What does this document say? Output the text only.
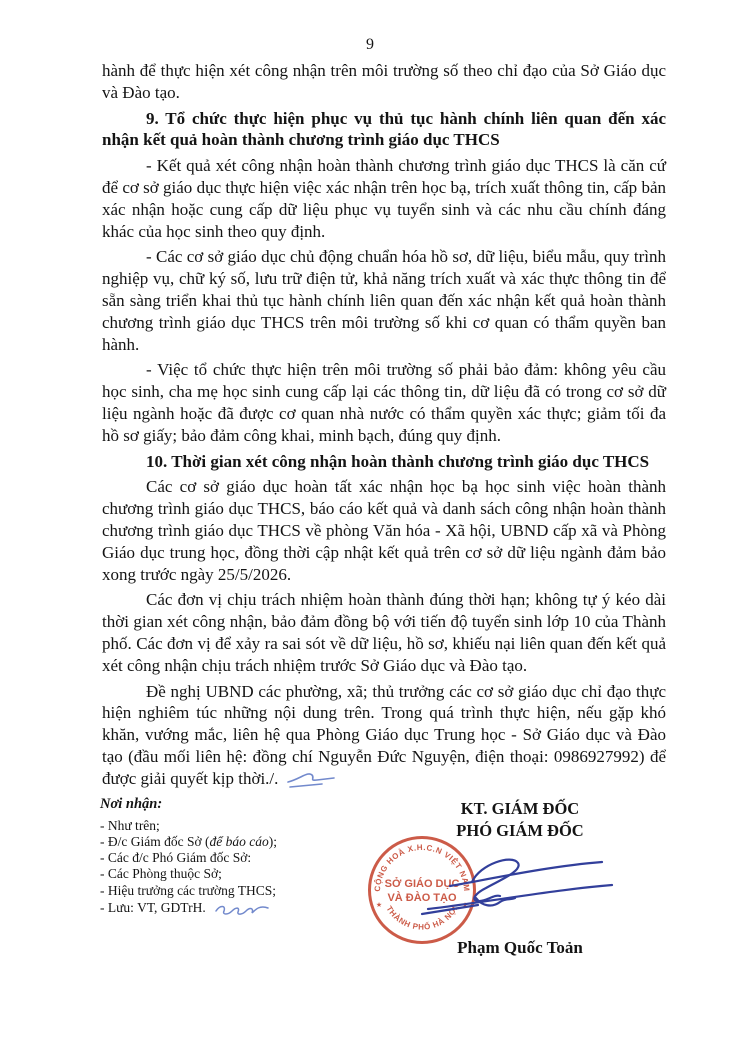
9

hành để thực hiện xét công nhận trên môi trường số theo chỉ đạo của Sở Giáo dục và Đào tạo.

9. Tổ chức thực hiện phục vụ thủ tục hành chính liên quan đến xác nhận kết quả hoàn thành chương trình giáo dục THCS

- Kết quả xét công nhận hoàn thành chương trình giáo dục THCS là căn cứ để cơ sở giáo dục thực hiện việc xác nhận trên học bạ, trích xuất thông tin, cấp bản xác nhận hoặc cung cấp dữ liệu phục vụ tuyển sinh và các nhu cầu chính đáng khác của học sinh theo quy định.

- Các cơ sở giáo dục chủ động chuẩn hóa hồ sơ, dữ liệu, biểu mẫu, quy trình nghiệp vụ, chữ ký số, lưu trữ điện tử, khả năng trích xuất và xác thực thông tin để sẵn sàng triển khai thủ tục hành chính liên quan đến xác nhận kết quả hoàn thành chương trình giáo dục THCS trên môi trường số khi cơ quan có thẩm quyền ban hành.

- Việc tổ chức thực hiện trên môi trường số phải bảo đảm: không yêu cầu học sinh, cha mẹ học sinh cung cấp lại các thông tin, dữ liệu đã có trong cơ sở dữ liệu ngành hoặc đã được cơ quan nhà nước có thẩm quyền xác thực; giảm tối đa hồ sơ giấy; bảo đảm công khai, minh bạch, đúng quy định.

10. Thời gian xét công nhận hoàn thành chương trình giáo dục THCS

Các cơ sở giáo dục hoàn tất xác nhận học bạ học sinh việc hoàn thành chương trình giáo dục THCS, báo cáo kết quả và danh sách công nhận hoàn thành chương trình giáo dục THCS về phòng Văn hóa - Xã hội, UBND cấp xã và Phòng Giáo dục trung học, đồng thời cập nhật kết quả trên cơ sở dữ liệu ngành đảm bảo xong trước ngày 25/5/2026.

Các đơn vị chịu trách nhiệm hoàn thành đúng thời hạn; không tự ý kéo dài thời gian xét công nhận, bảo đảm đồng bộ với tiến độ tuyển sinh lớp 10 của Thành phố. Các đơn vị để xảy ra sai sót về dữ liệu, hồ sơ, khiếu nại liên quan đến kết quả xét công nhận chịu trách nhiệm trước Sở Giáo dục và Đào tạo.

Đề nghị UBND các phường, xã; thủ trưởng các cơ sở giáo dục chỉ đạo thực hiện nghiêm túc những nội dung trên. Trong quá trình thực hiện, nếu gặp khó khăn, vướng mắc, liên hệ qua Phòng Giáo dục Trung học - Sở Giáo dục và Đào tạo (đầu mối liên hệ: đồng chí Nguyễn Đức Nguyện, điện thoại: 0986927992) để được giải quyết kịp thời./.

Nơi nhận:
- Như trên;
- Đ/c Giám đốc Sở (để báo cáo);
- Các đ/c Phó Giám đốc Sở:
- Các Phòng thuộc Sở;
- Hiệu trưởng các trường THCS;
- Lưu: VT, GDTrH.
KT. GIÁM ĐỐC
PHÓ GIÁM ĐỐC
CỘNG HOÀ X.H.C.N VIỆT NAM
THÀNH PHỐ HÀ NỘI
★	★
SỞ GIÁO DỤC
VÀ ĐÀO TẠO
Phạm Quốc Toản
